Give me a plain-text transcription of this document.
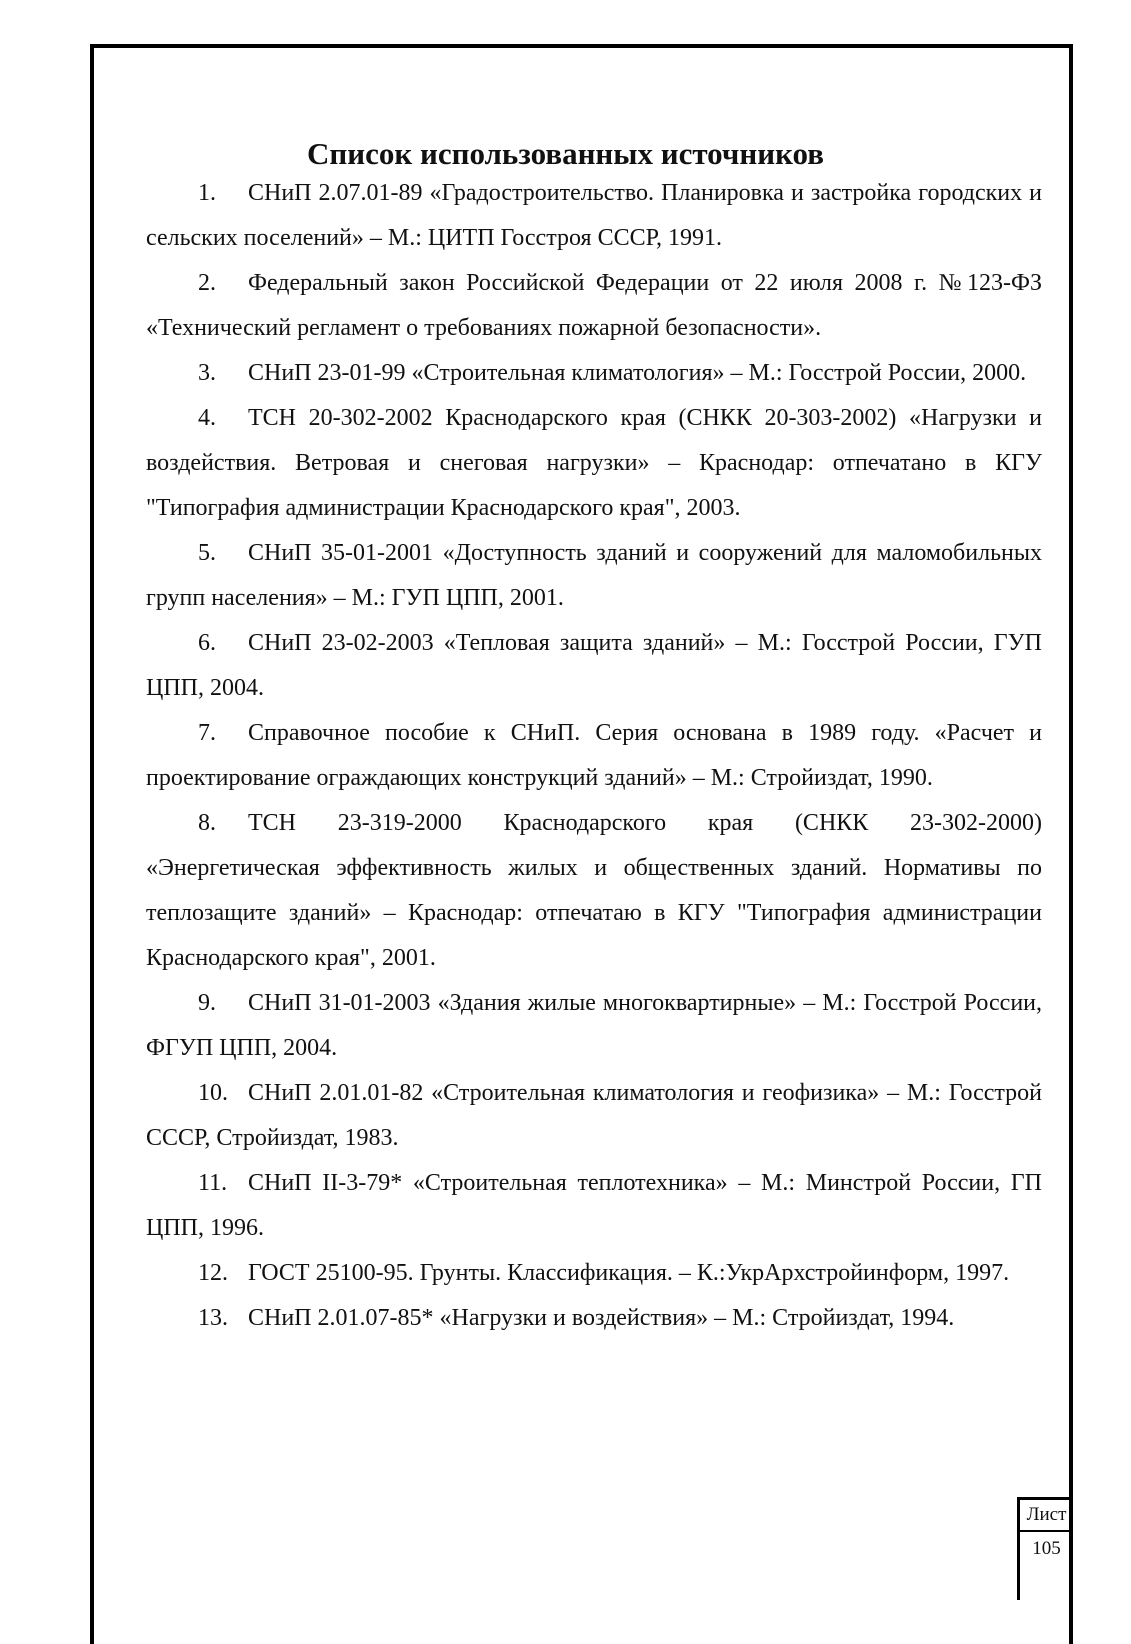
Список использованных источников
1. СНиП 2.07.01-89 «Градостроительство. Планировка и застройка городских и сельских поселений» – М.: ЦИТП Госстроя СССР, 1991.
2. Федеральный закон Российской Федерации от 22 июля 2008 г. №123-ФЗ «Технический регламент о требованиях пожарной безопасности».
3. СНиП 23-01-99 «Строительная климатология» – М.: Госстрой России, 2000.
4. ТСН 20-302-2002 Краснодарского края (СНКК 20-303-2002) «Нагрузки и воздействия. Ветровая и снеговая нагрузки» – Краснодар: отпечатано в КГУ "Типография администрации Краснодарского края", 2003.
5. СНиП 35-01-2001 «Доступность зданий и сооружений для маломобильных групп населения» – М.: ГУП ЦПП, 2001.
6. СНиП 23-02-2003 «Тепловая защита зданий» – М.: Госстрой России, ГУП ЦПП, 2004.
7. Справочное пособие к СНиП. Серия основана в 1989 году. «Расчет и проектирование ограждающих конструкций зданий» – М.: Стройиздат, 1990.
8. ТСН 23-319-2000 Краснодарского края (СНКК 23-302-2000) «Энергетическая эффективность жилых и общественных зданий. Нормативы по теплозащите зданий» – Краснодар: отпечатаю в КГУ "Типография администрации Краснодарского края", 2001.
9. СНиП 31-01-2003 «Здания жилые многоквартирные» – М.: Госстрой России, ФГУП ЦПП, 2004.
10. СНиП 2.01.01-82 «Строительная климатология и геофизика» – М.: Госстрой СССР, Стройиздат, 1983.
11. СНиП II-3-79* «Строительная теплотехника» – М.: Минстрой России, ГП ЦПП, 1996.
12. ГОСТ 25100-95. Грунты. Классификация. – К.:УкрАрхстройинформ, 1997.
13. СНиП 2.01.07-85* «Нагрузки и воздействия» – М.: Стройиздат, 1994.
Лист
105
